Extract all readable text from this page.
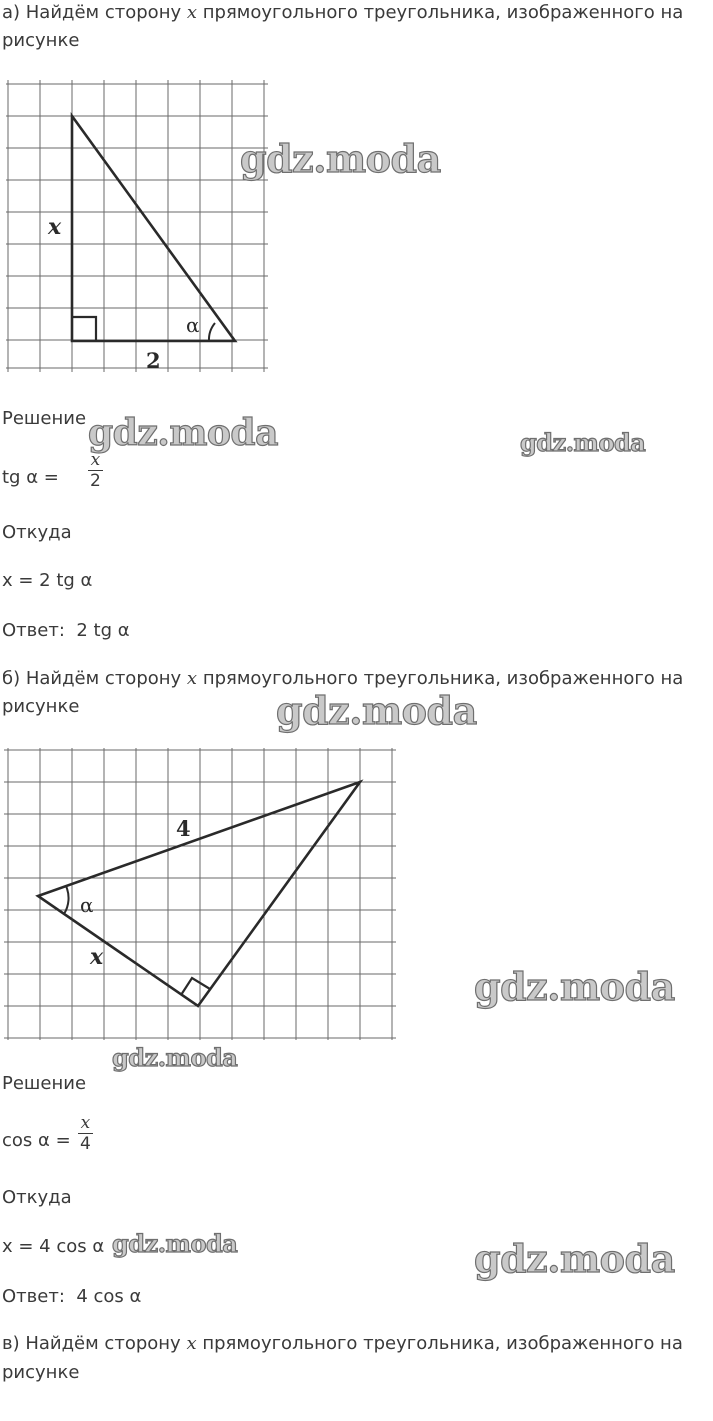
а) Найдём сторону x прямоугольного треугольника, изображенного на
рисунке
x
2
α
Решение
tg $\alpha = \frac{x}{2}$
Откуда
x = 2 tg α
Ответ: 2 tg α
б) Найдём сторону x прямоугольного треугольника, изображенного на
рисунке
4
α
x
Решение
$\cos \alpha = \frac{x}{4}$
Откуда
x = 4 cos α
Ответ: 4 cos α
в) Найдём сторону x прямоугольного треугольника, изображенного на
рисунке
gdz.moda
gdz.moda	gdz.moda
gdz.moda
gdz.moda
gdz.moda
gdz.moda	gdz.moda
